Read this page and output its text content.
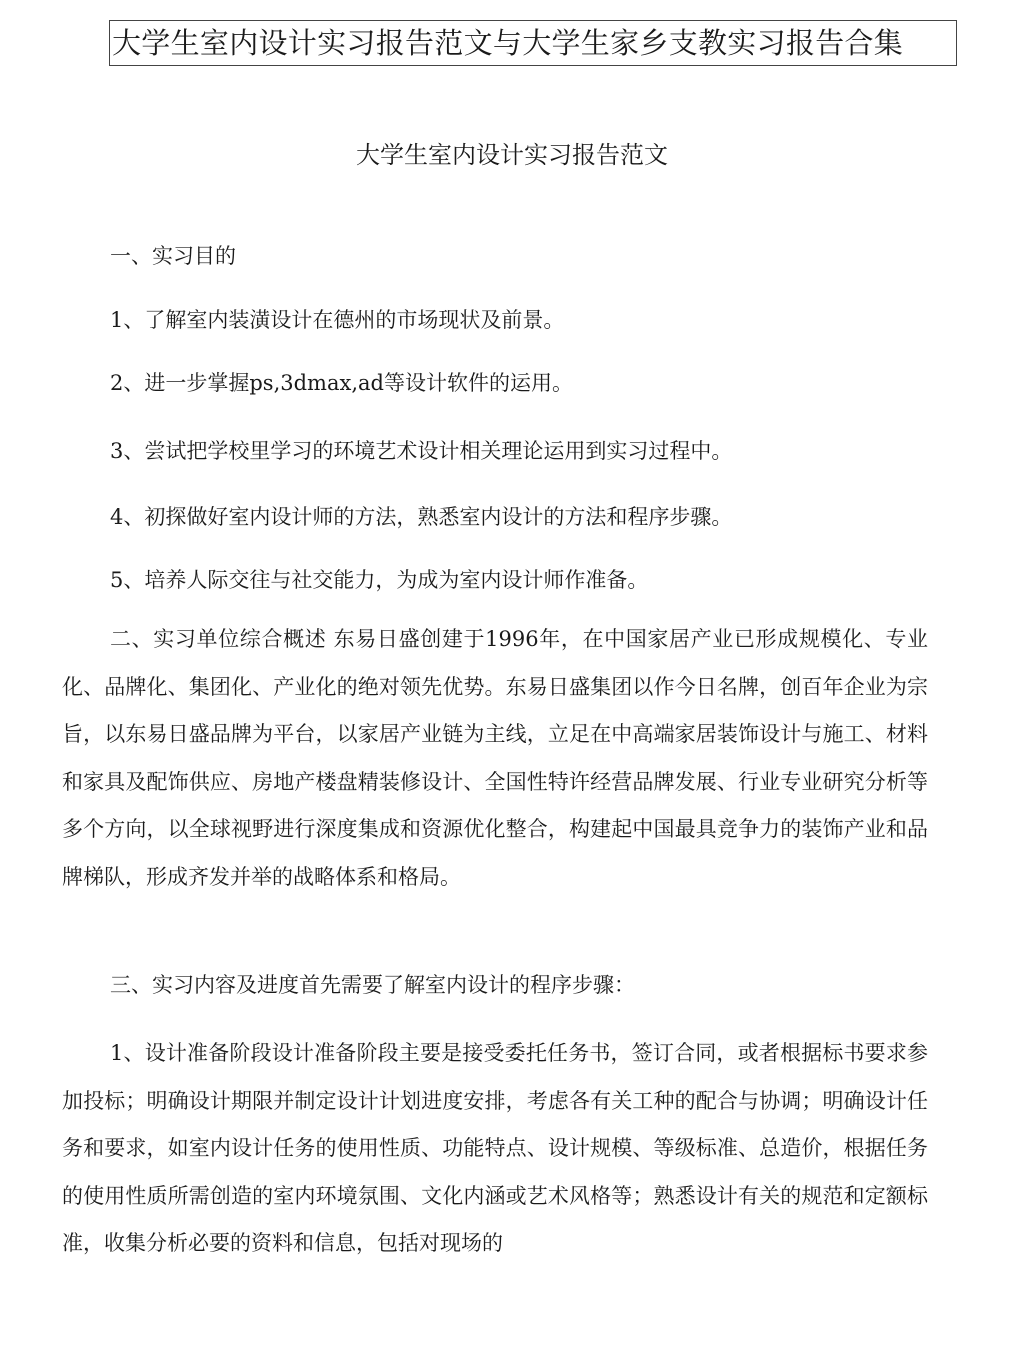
大学生室内设计实习报告范文与大学生家乡支教实习报告合集
大学生室内设计实习报告范文
一、实习目的
1、了解室内装潢设计在德州的市场现状及前景。
2、进一步掌握ps,3dmax,ad等设计软件的运用。
3、尝试把学校里学习的环境艺术设计相关理论运用到实习过程中。
4、初探做好室内设计师的方法，熟悉室内设计的方法和程序步骤。
5、培养人际交往与社交能力，为成为室内设计师作准备。
二、实习单位综合概述 东易日盛创建于1996年，在中国家居产业已形成规模化、专业化、品牌化、集团化、产业化的绝对领先优势。东易日盛集团以作今日名牌，创百年企业为宗旨，以东易日盛品牌为平台，以家居产业链为主线，立足在中高端家居装饰设计与施工、材料和家具及配饰供应、房地产楼盘精装修设计、全国性特许经营品牌发展、行业专业研究分析等多个方向，以全球视野进行深度集成和资源优化整合，构建起中国最具竞争力的装饰产业和品牌梯队，形成齐发并举的战略体系和格局。
三、实习内容及进度首先需要了解室内设计的程序步骤：
1、设计准备阶段设计准备阶段主要是接受委托任务书，签订合同，或者根据标书要求参加投标；明确设计期限并制定设计计划进度安排，考虑各有关工种的配合与协调；明确设计任务和要求，如室内设计任务的使用性质、功能特点、设计规模、等级标准、总造价，根据任务的使用性质所需创造的室内环境氛围、文化内涵或艺术风格等；熟悉设计有关的规范和定额标准，收集分析必要的资料和信息，包括对现场的
